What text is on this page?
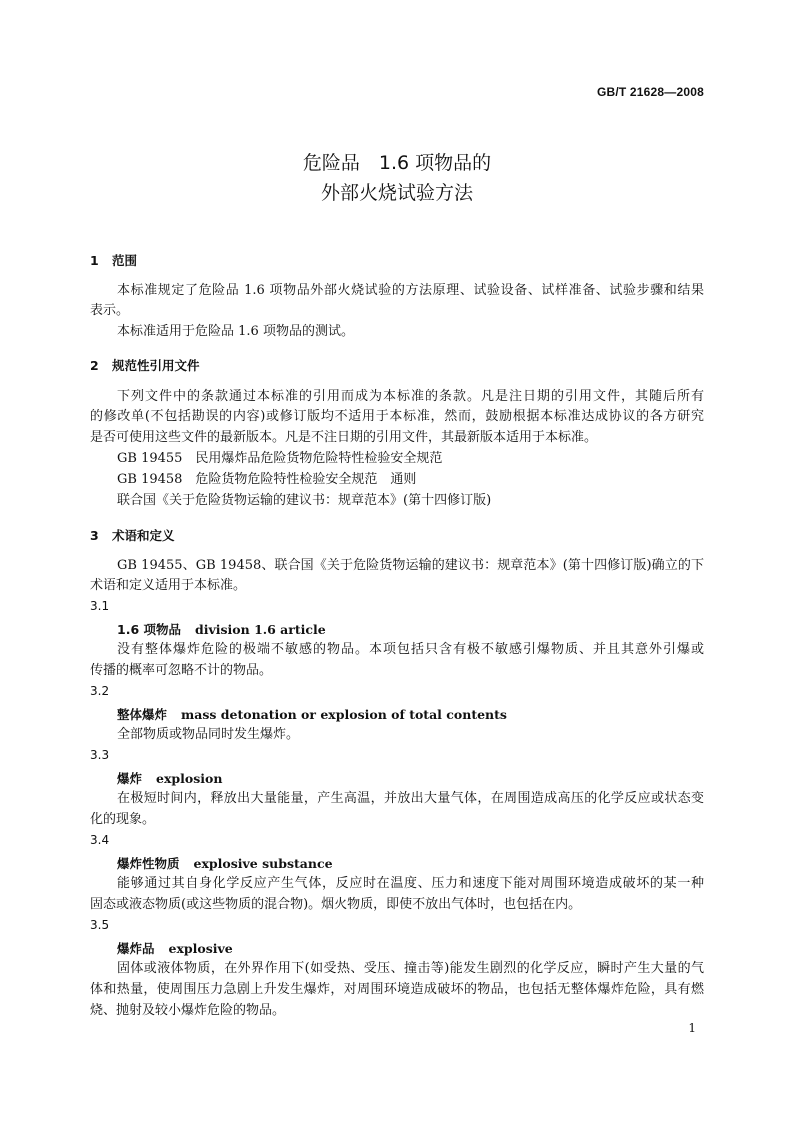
GB/T 21628—2008
危险品　1.6 项物品的
外部火烧试验方法
1 范围
本标准规定了危险品 1.6 项物品外部火烧试验的方法原理、试验设备、试样准备、试验步骤和结果
表示。
本标准适用于危险品 1.6 项物品的测试。
2 规范性引用文件
下列文件中的条款通过本标准的引用而成为本标准的条款。凡是注日期的引用文件，其随后所有
的修改单(不包括勘误的内容)或修订版均不适用于本标准，然而，鼓励根据本标准达成协议的各方研究
是否可使用这些文件的最新版本。凡是不注日期的引用文件，其最新版本适用于本标准。
GB 19455　民用爆炸品危险货物危险特性检验安全规范
GB 19458　危险货物危险特性检验安全规范　通则
联合国《关于危险货物运输的建议书：规章范本》(第十四修订版)
3 术语和定义
GB 19455、GB 19458、联合国《关于危险货物运输的建议书：规章范本》(第十四修订版)确立的下
术语和定义适用于本标准。
3.1
1.6 项物品 division 1.6 article
没有整体爆炸危险的极端不敏感的物品。本项包括只含有极不敏感引爆物质、并且其意外引爆或
传播的概率可忽略不计的物品。
3.2
整体爆炸 mass detonation or explosion of total contents
全部物质或物品同时发生爆炸。
3.3
爆炸 explosion
在极短时间内，释放出大量能量，产生高温，并放出大量气体，在周围造成高压的化学反应或状态变
化的现象。
3.4
爆炸性物质 explosive substance
能够通过其自身化学反应产生气体，反应时在温度、压力和速度下能对周围环境造成破坏的某一种
固态或液态物质(或这些物质的混合物)。烟火物质，即使不放出气体时，也包括在内。
3.5
爆炸品 explosive
固体或液体物质，在外界作用下(如受热、受压、撞击等)能发生剧烈的化学反应，瞬时产生大量的气
体和热量，使周围压力急剧上升发生爆炸，对周围环境造成破坏的物品，也包括无整体爆炸危险，具有燃
烧、抛射及较小爆炸危险的物品。
1
